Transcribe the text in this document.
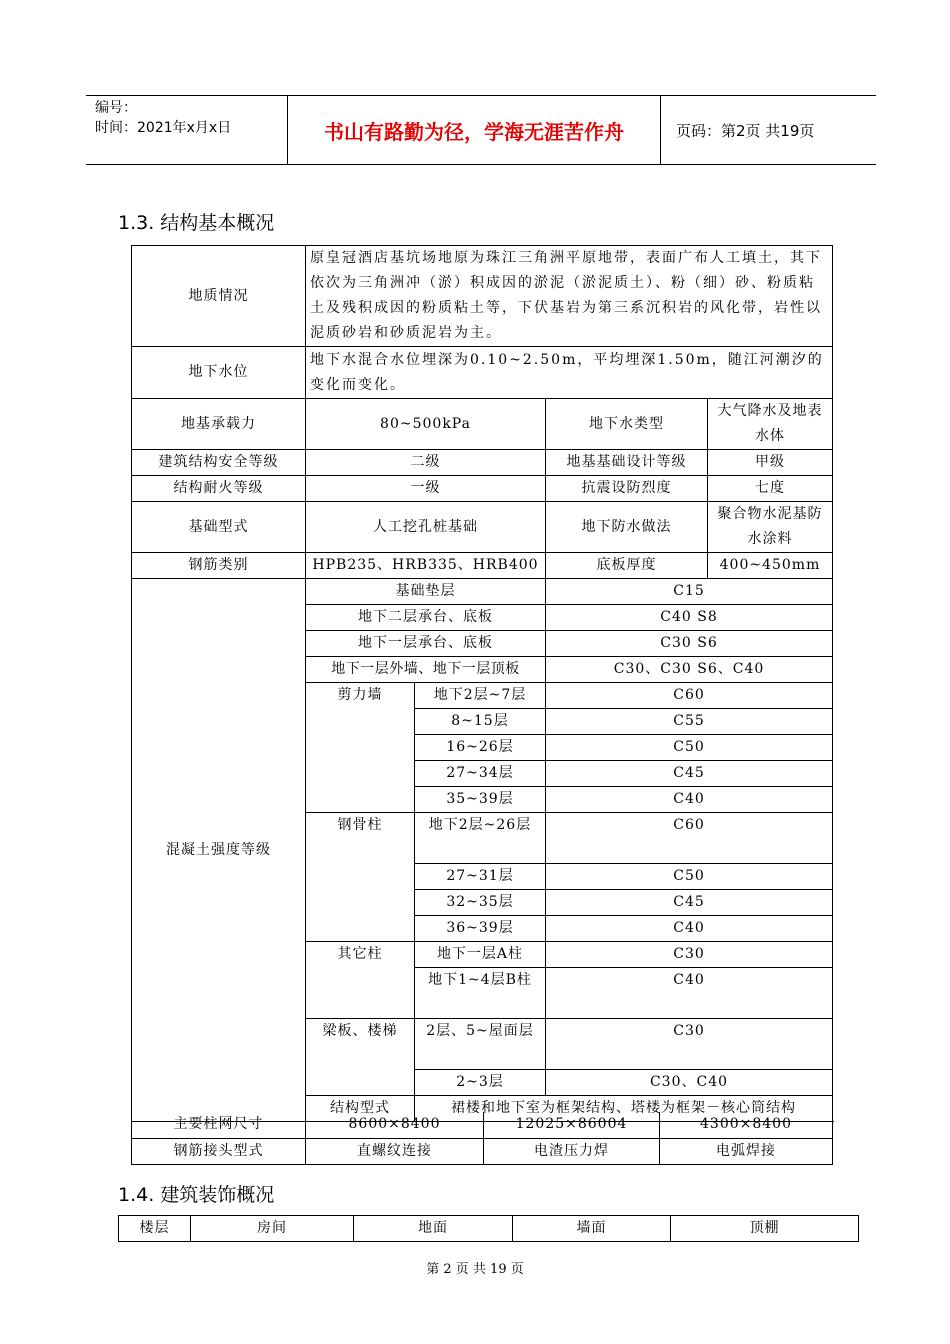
编号：
时间：2021年x月x日	书山有路勤为径，学海无涯苦作舟	页码：第2页 共19页
1.3. 结构基本概况
地质情况	原皇冠酒店基坑场地原为珠江三角洲平原地带，表面广布人工填土，其下依次为三角洲冲（淤）积成因的淤泥（淤泥质土）、粉（细）砂、粉质粘土及残积成因的粉质粘土等，下伏基岩为第三系沉积岩的风化带，岩性以泥质砂岩和砂质泥岩为主。			
地下水位	地下水混合水位埋深为0.10~2.50m，平均埋深1.50m，随江河潮汐的变化而变化。			
地基承载力	80~500kPa		地下水类型	大气降水及地表水体
建筑结构安全等级	二级		地基基础设计等级	甲级
结构耐火等级	一级		抗震设防烈度	七度
基础型式	人工挖孔桩基础		地下防水做法	聚合物水泥基防水涂料
钢筋类别	HPB235、HRB335、HRB400		底板厚度	400~450mm
混凝土强度等级	基础垫层		C15	
	地下二层承台、底板		C40 S8	
	地下一层承台、底板		C30 S6	
	地下一层外墙、地下一层顶板		C30、C30 S6、C40	
	剪力墙	地下2层~7层	C60	
		8~15层	C55	
		16~26层	C50	
		27~34层	C45	
		35~39层	C40	
	钢骨柱	地下2层~26层	C60	
		27~31层	C50	
		32~35层	C45	
		36~39层	C40	
	其它柱	地下一层A柱	C30	
		地下1~4层B柱	C40	
	梁板、楼梯	2层、5~屋面层	C30	
		2~3层	C30、C40	
	结构型式	裙楼和地下室为框架结构、塔楼为框架－核心筒结构		
主要柱网尺寸	8600×8400	12025×86004	4300×8400
钢筋接头型式	直螺纹连接	电渣压力焊	电弧焊接
1.4. 建筑装饰概况
楼层	房间	地面	墙面	顶棚
第 2 页 共 19 页
